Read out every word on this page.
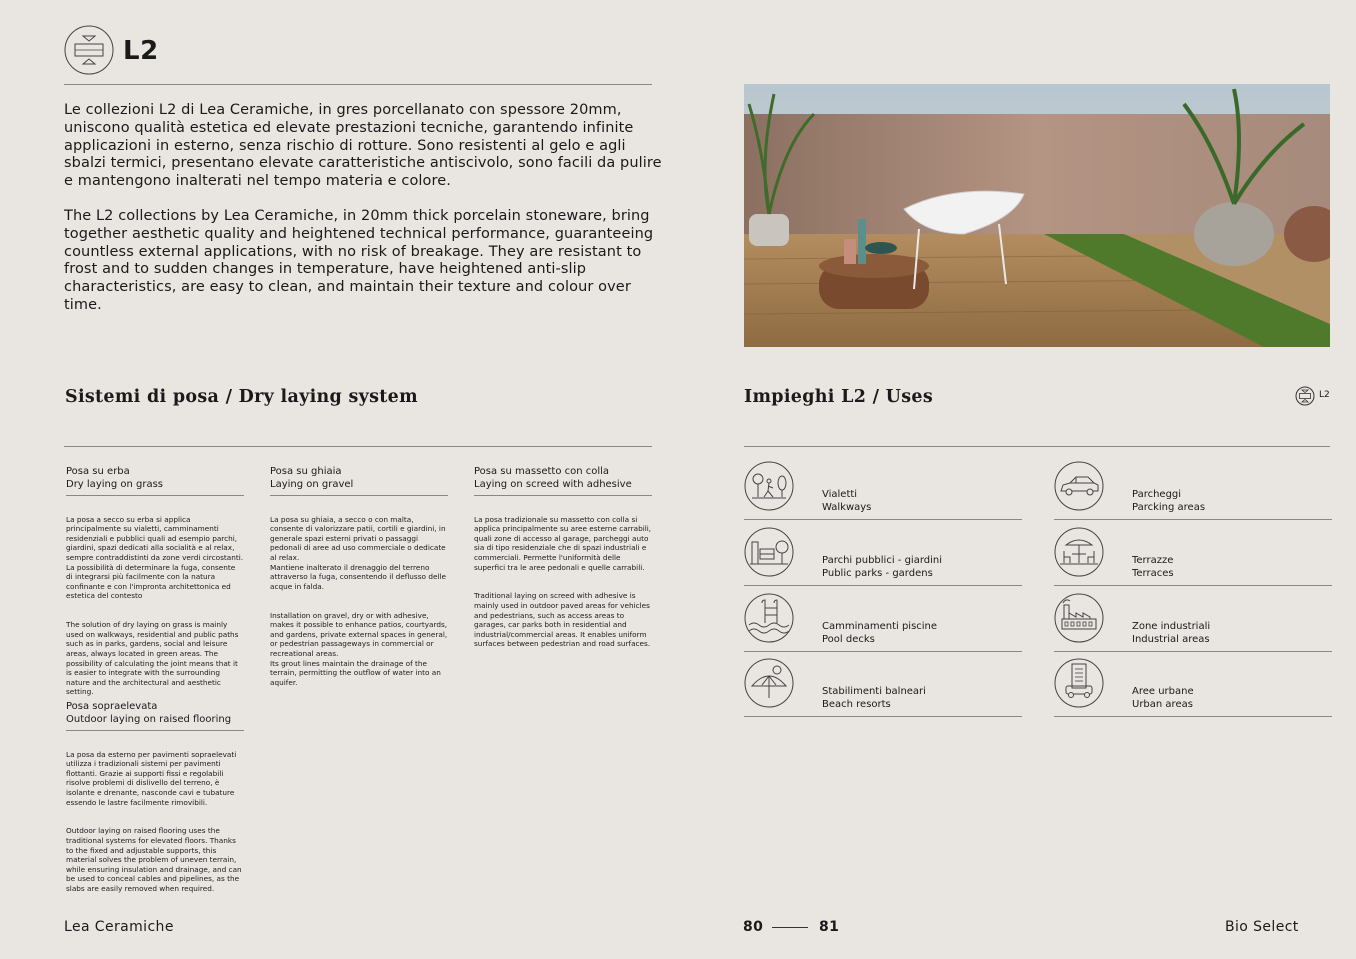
L2
Le collezioni L2 di Lea Ceramiche, in gres porcellanato con spessore 20mm, uniscono qualità estetica ed elevate prestazioni tecniche, garantendo infinite applicazioni in esterno, senza rischio di rotture. Sono resistenti al gelo e agli sbalzi termici, presentano elevate caratteristiche antiscivolo, sono facili da pulire e mantengono inalterati nel tempo materia e colore.
The L2 collections by Lea Ceramiche, in 20mm thick porcelain stoneware, bring together aesthetic quality and heightened technical performance, guaranteeing countless external applications, with no risk of breakage. They are resistant to frost and to sudden changes in temperature, have heightened anti-slip characteristics, are easy to clean, and maintain their texture and colour over time.
Sistemi di posa / Dry laying system
Posa su erba
Dry laying on grass

La posa a secco su erba si applica principalmente su vialetti, camminamenti residenziali e pubblici quali ad esempio parchi, giardini, spazi dedicati alla socialità e al relax, sempre contraddistinti da zone verdi circostanti.
La possibilità di determinare la fuga, consente di integrarsi più facilmente con la natura confinante e con l'impronta architettonica ed estetica del contesto

The solution of dry laying on grass is mainly used on walkways, residential and public paths such as in parks, gardens, social and leisure areas, always located in green areas. The possibility of calculating the joint means that it is easier to integrate with the surrounding nature and the architectural and aesthetic setting.

Posa su ghiaia
Laying on gravel

La posa su ghiaia, a secco o con malta, consente di valorizzare patii, cortili e giardini, in generale spazi esterni privati o passaggi pedonali di aree ad uso commerciale o dedicate al relax.
Mantiene inalterato il drenaggio del terreno attraverso la fuga, consentendo il deflusso delle acque in falda.

Installation on gravel, dry or with adhesive, makes it possible to enhance patios, courtyards, and gardens, private external spaces in general, or pedestrian passageways in commercial or recreational areas.
Its grout lines maintain the drainage of the terrain, permitting the outflow of water into an aquifer.

Posa su massetto con colla
Laying on screed with adhesive

La posa tradizionale su massetto con colla si applica principalmente su aree esterne carrabili, quali zone di accesso al garage, parcheggi auto sia di tipo residenziale che di spazi industriali e commerciali. Permette l'uniformità delle superfici tra le aree pedonali e quelle carrabili.

Traditional laying on screed with adhesive is mainly used in outdoor paved areas for vehicles and pedestrians, such as access areas to garages, car parks both in residential and industrial/commercial areas. It enables uniform surfaces between pedestrian and road surfaces.

Posa sopraelevata
Outdoor laying on raised flooring

La posa da esterno per pavimenti sopraelevati utilizza i tradizionali sistemi per pavimenti flottanti. Grazie ai supporti fissi e regolabili risolve problemi di dislivello del terreno, è isolante e drenante, nasconde cavi e tubature essendo le lastre facilmente rimovibili.

Outdoor laying on raised flooring uses the traditional systems for elevated floors. Thanks to the fixed and adjustable supports, this material solves the problem of uneven terrain, while ensuring insulation and drainage, and can be used to conceal cables and pipelines, as the slabs are easily removed when required.

Impieghi L2 / Uses	L2
Vialetti
Walkways
Parcheggi
Parcking areas
Parchi pubblici - giardini
Public parks - gardens
Terrazze
Terraces
Camminamenti piscine
Pool decks
Zone industriali
Industrial areas
Stabilimenti balneari
Beach resorts
Aree urbane
Urban areas
Lea Ceramiche	80	81	Bio Select
